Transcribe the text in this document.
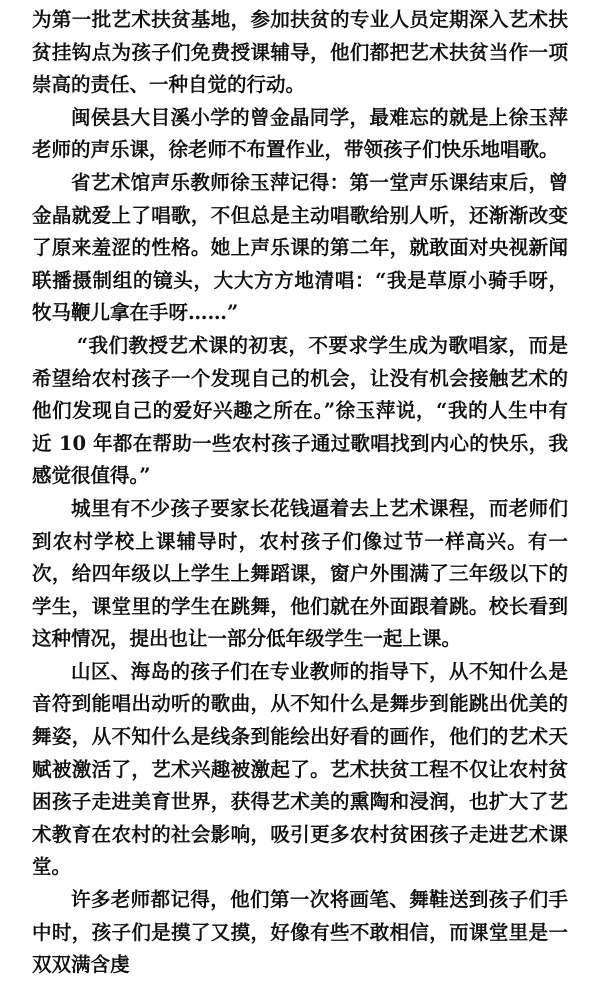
为第一批艺术扶贫基地，参加扶贫的专业人员定期深入艺术扶贫挂钩点为孩子们免费授课辅导，他们都把艺术扶贫当作一项崇高的责任、一种自觉的行动。

闽侯县大目溪小学的曾金晶同学，最难忘的就是上徐玉萍老师的声乐课，徐老师不布置作业，带领孩子们快乐地唱歌。

省艺术馆声乐教师徐玉萍记得：第一堂声乐课结束后，曾金晶就爱上了唱歌，不但总是主动唱歌给别人听，还渐渐改变了原来羞涩的性格。她上声乐课的第二年，就敢面对央视新闻联播摄制组的镜头，大大方方地清唱：“我是草原小骑手呀，牧马鞭儿拿在手呀……”

“我们教授艺术课的初衷，不要求学生成为歌唱家，而是希望给农村孩子一个发现自己的机会，让没有机会接触艺术的他们发现自己的爱好兴趣之所在。”徐玉萍说，“我的人生中有近 10 年都在帮助一些农村孩子通过歌唱找到内心的快乐，我感觉很值得。”

城里有不少孩子要家长花钱逼着去上艺术课程，而老师们到农村学校上课辅导时，农村孩子们像过节一样高兴。有一次，给四年级以上学生上舞蹈课，窗户外围满了三年级以下的学生，课堂里的学生在跳舞，他们就在外面跟着跳。校长看到这种情况，提出也让一部分低年级学生一起上课。

山区、海岛的孩子们在专业教师的指导下，从不知什么是音符到能唱出动听的歌曲，从不知什么是舞步到能跳出优美的舞姿，从不知什么是线条到能绘出好看的画作，他们的艺术天赋被激活了，艺术兴趣被激起了。艺术扶贫工程不仅让农村贫困孩子走进美育世界，获得艺术美的熏陶和浸润，也扩大了艺术教育在农村的社会影响，吸引更多农村贫困孩子走进艺术课堂。

许多老师都记得，他们第一次将画笔、舞鞋送到孩子们手中时，孩子们是摸了又摸，好像有些不敢相信，而课堂里是一双双满含虔
